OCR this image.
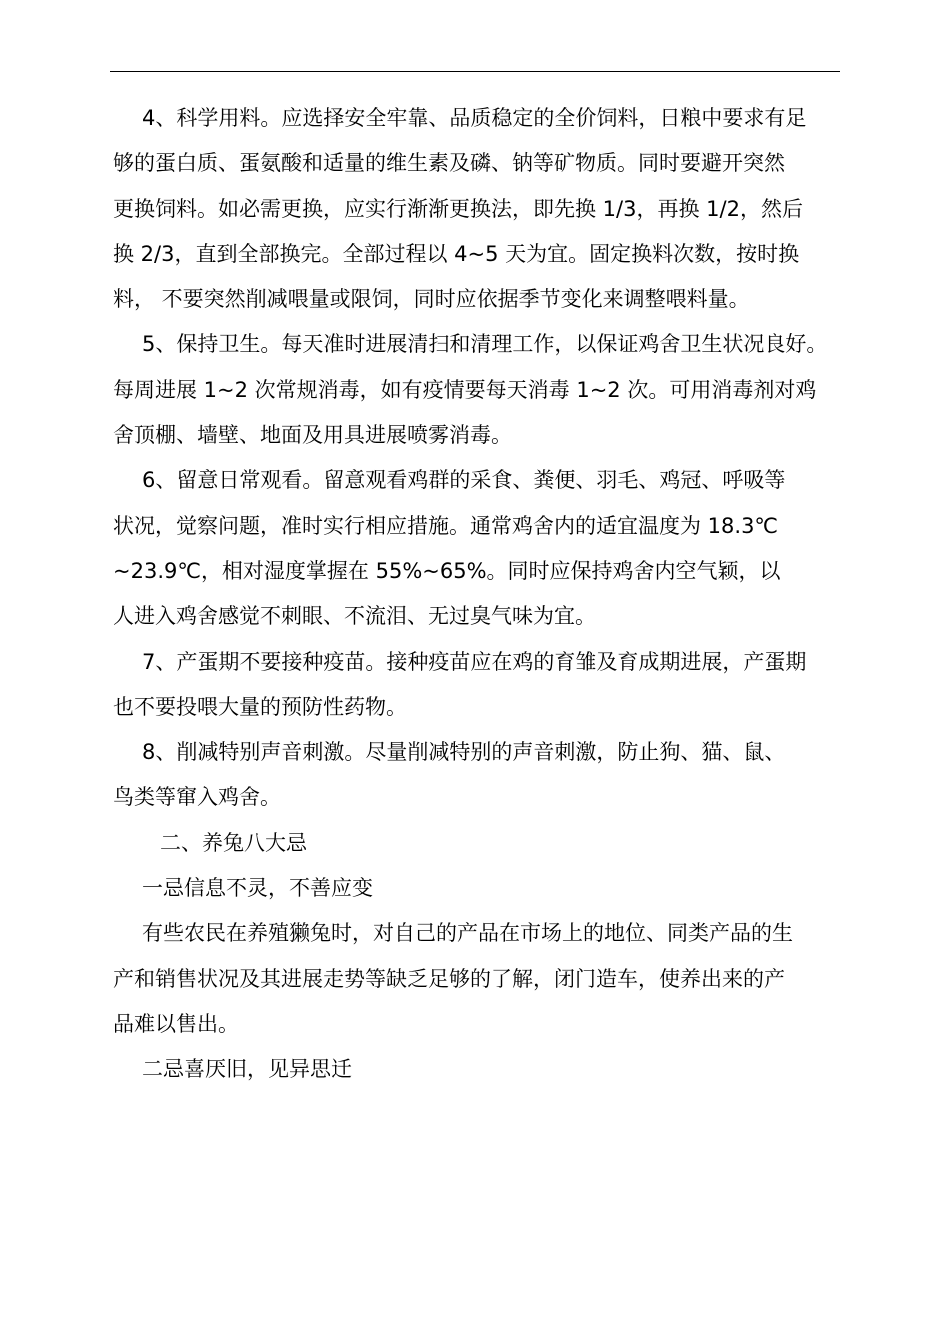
4、科学用料。应选择安全牢靠、品质稳定的全价饲料，日粮中要求有足
够的蛋白质、蛋氨酸和适量的维生素及磷、钠等矿物质。同时要避开突然
更换饲料。如必需更换，应实行渐渐更换法，即先换 1/3，再换 1/2，然后
换 2/3，直到全部换完。全部过程以 4~5 天为宜。固定换料次数，按时换
料， 不要突然削减喂量或限饲，同时应依据季节变化来调整喂料量。

5、保持卫生。每天准时进展清扫和清理工作，以保证鸡舍卫生状况良好。
每周进展 1~2 次常规消毒，如有疫情要每天消毒 1~2 次。可用消毒剂对鸡
舍顶棚、墙壁、地面及用具进展喷雾消毒。

6、留意日常观看。留意观看鸡群的采食、粪便、羽毛、鸡冠、呼吸等
状况，觉察问题，准时实行相应措施。通常鸡舍内的适宜温度为 18.3℃
~23.9℃，相对湿度掌握在 55%~65%。同时应保持鸡舍内空气颖，以
人进入鸡舍感觉不刺眼、不流泪、无过臭气味为宜。

7、产蛋期不要接种疫苗。接种疫苗应在鸡的育雏及育成期进展，产蛋期
也不要投喂大量的预防性药物。

8、削减特别声音刺激。尽量削减特别的声音刺激，防止狗、猫、鼠、
鸟类等窜入鸡舍。

二、养兔八大忌

一忌信息不灵，不善应变

有些农民在养殖獭兔时，对自己的产品在市场上的地位、同类产品的生
产和销售状况及其进展走势等缺乏足够的了解，闭门造车，使养出来的产
品难以售出。

二忌喜厌旧，见异思迁
